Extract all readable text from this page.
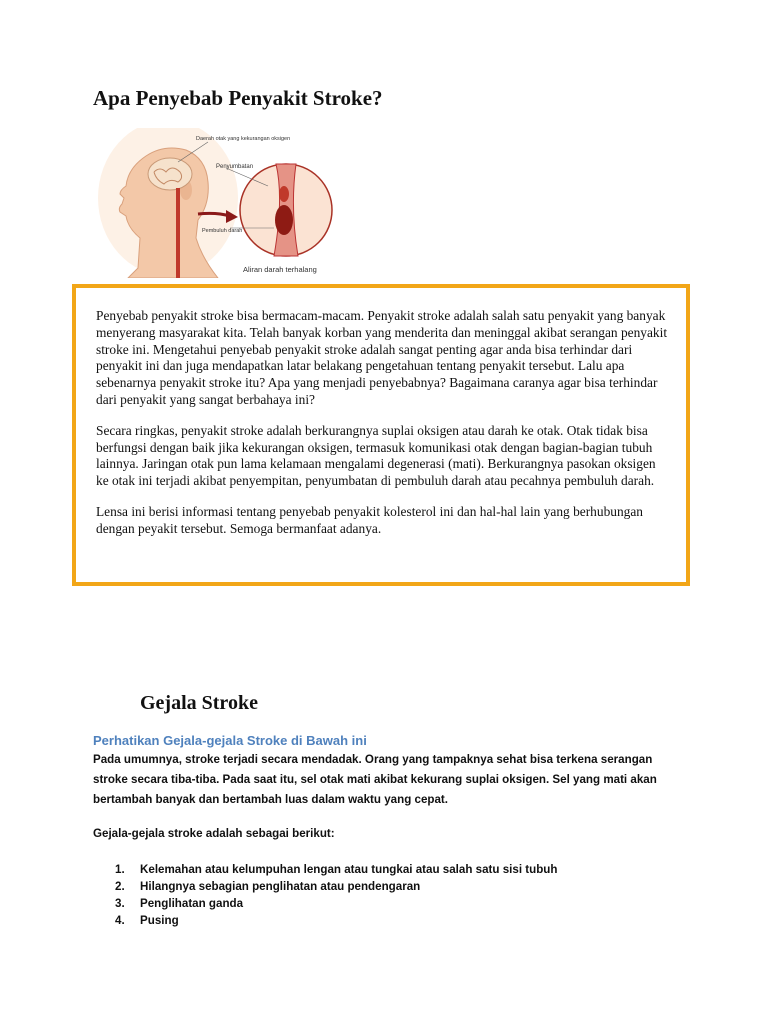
Apa Penyebab Penyakit Stroke?
Daerah otak yang kekurangan oksigen
Penyumbatan
Pembuluh darah
Aliran darah terhalang

Penyebab penyakit stroke bisa bermacam-macam. Penyakit stroke adalah salah satu penyakit yang banyak menyerang masyarakat kita. Telah banyak korban yang menderita dan meninggal akibat serangan penyakit stroke ini. Mengetahui penyebab penyakit stroke adalah sangat penting agar anda bisa terhindar dari penyakit ini dan juga mendapatkan latar belakang pengetahuan tentang penyakit tersebut. Lalu apa sebenarnya penyakit stroke itu? Apa yang menjadi penyebabnya? Bagaimana caranya agar bisa terhindar dari penyakit yang sangat berbahaya ini?

Secara ringkas, penyakit stroke adalah berkurangnya suplai oksigen atau darah ke otak. Otak tidak bisa berfungsi dengan baik jika kekurangan oksigen, termasuk komunikasi otak dengan bagian-bagian tubuh lainnya. Jaringan otak pun lama kelamaan mengalami degenerasi (mati). Berkurangnya pasokan oksigen ke otak ini terjadi akibat penyempitan, penyumbatan di pembuluh darah atau pecahnya pembuluh darah.

Lensa ini berisi informasi tentang penyebab penyakit kolesterol ini dan hal-hal lain yang berhubungan dengan peyakit tersebut. Semoga bermanfaat adanya.

Gejala Stroke

Perhatikan Gejala-gejala Stroke di Bawah ini

Pada umumnya, stroke terjadi secara mendadak. Orang yang tampaknya sehat bisa terkena serangan stroke secara tiba-tiba. Pada saat itu, sel otak mati akibat kekurang suplai oksigen. Sel yang mati akan bertambah banyak dan bertambah luas dalam waktu yang cepat.

Gejala-gejala stroke adalah sebagai berikut:

1.	Kelemahan atau kelumpuhan lengan atau tungkai atau salah satu sisi tubuh
2.	Hilangnya sebagian penglihatan atau pendengaran
3.	Penglihatan ganda
4.	Pusing
